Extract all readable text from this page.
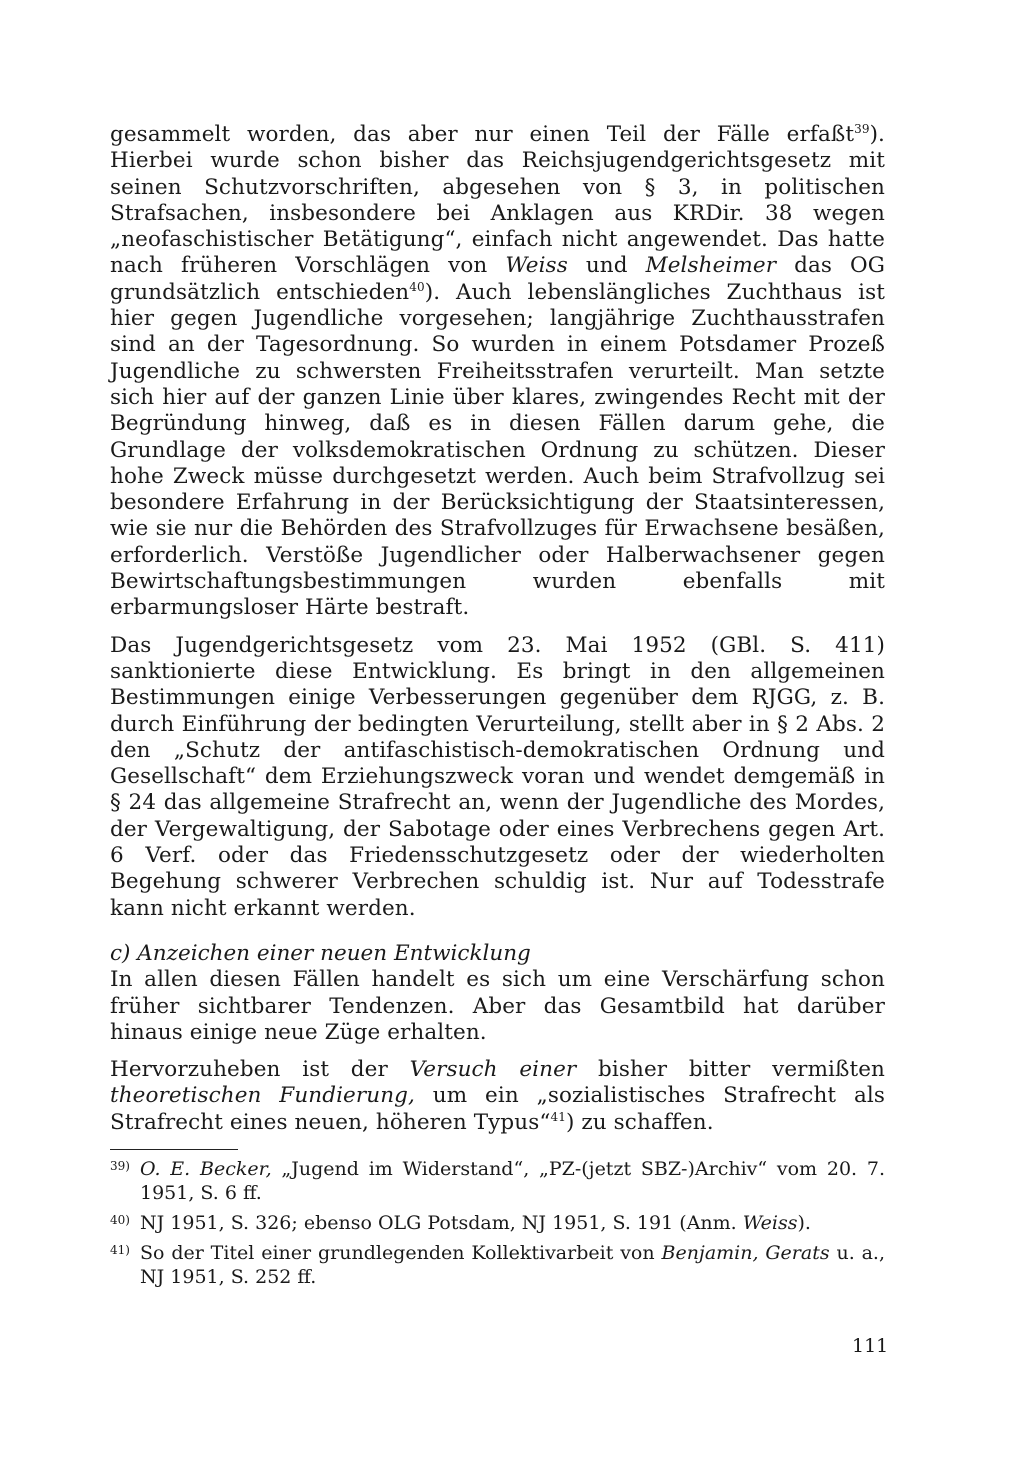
gesammelt worden, das aber nur einen Teil der Fälle erfaßt$^{39}$). Hierbei wurde schon bisher das Reichsjugendgerichtsgesetz mit seinen Schutzvorschriften, abgesehen von § 3, in politischen Strafsachen, insbesondere bei Anklagen aus KRDir. 38 wegen „neofaschistischer Betätigung“, einfach nicht angewendet. Das hatte nach früheren Vorschlägen von Weiss und Melsheimer das OG grundsätzlich entschieden$^{40}$). Auch lebenslängliches Zuchthaus ist hier gegen Jugendliche vorgesehen; langjährige Zuchthausstrafen sind an der Tagesordnung. So wurden in einem Potsdamer Prozeß Jugendliche zu schwersten Freiheitsstrafen verurteilt. Man setzte sich hier auf der ganzen Linie über klares, zwingendes Recht mit der Begründung hinweg, daß es in diesen Fällen darum gehe, die Grundlage der volksdemokratischen Ordnung zu schützen. Dieser hohe Zweck müsse durchgesetzt werden. Auch beim Strafvollzug sei besondere Erfahrung in der Berücksichtigung der Staatsinteressen, wie sie nur die Behörden des Strafvollzuges für Erwachsene besäßen, erforderlich. Verstöße Jugendlicher oder Halberwachsener gegen Bewirtschaftungsbestimmungen wurden ebenfalls mit erbarmungsloser Härte bestraft.

Das Jugendgerichtsgesetz vom 23. Mai 1952 (GBl. S. 411) sanktionierte diese Entwicklung. Es bringt in den allgemeinen Bestimmungen einige Verbesserungen gegenüber dem RJGG, z. B. durch Einführung der bedingten Verurteilung, stellt aber in § 2 Abs. 2 den „Schutz der antifaschistisch-demokratischen Ordnung und Gesellschaft“ dem Erziehungszweck voran und wendet demgemäß in § 24 das allgemeine Strafrecht an, wenn der Jugendliche des Mordes, der Vergewaltigung, der Sabotage oder eines Verbrechens gegen Art. 6 Verf. oder das Friedensschutzgesetz oder der wiederholten Begehung schwerer Verbrechen schuldig ist. Nur auf Todesstrafe kann nicht erkannt werden.

c) Anzeichen einer neuen Entwicklung

In allen diesen Fällen handelt es sich um eine Verschärfung schon früher sichtbarer Tendenzen. Aber das Gesamtbild hat darüber hinaus einige neue Züge erhalten.

Hervorzuheben ist der Versuch einer bisher bitter vermißten theoretischen Fundierung, um ein „sozialistisches Strafrecht als Strafrecht eines neuen, höheren Typus“$^{41}$) zu schaffen.

39) O. E. Becker, „Jugend im Widerstand“, „PZ-(jetzt SBZ-)Archiv“ vom 20. 7. 1951, S. 6 ff.
40) NJ 1951, S. 326; ebenso OLG Potsdam, NJ 1951, S. 191 (Anm. Weiss).
41) So der Titel einer grundlegenden Kollektivarbeit von Benjamin, Gerats u. a., NJ 1951, S. 252 ff.
111
